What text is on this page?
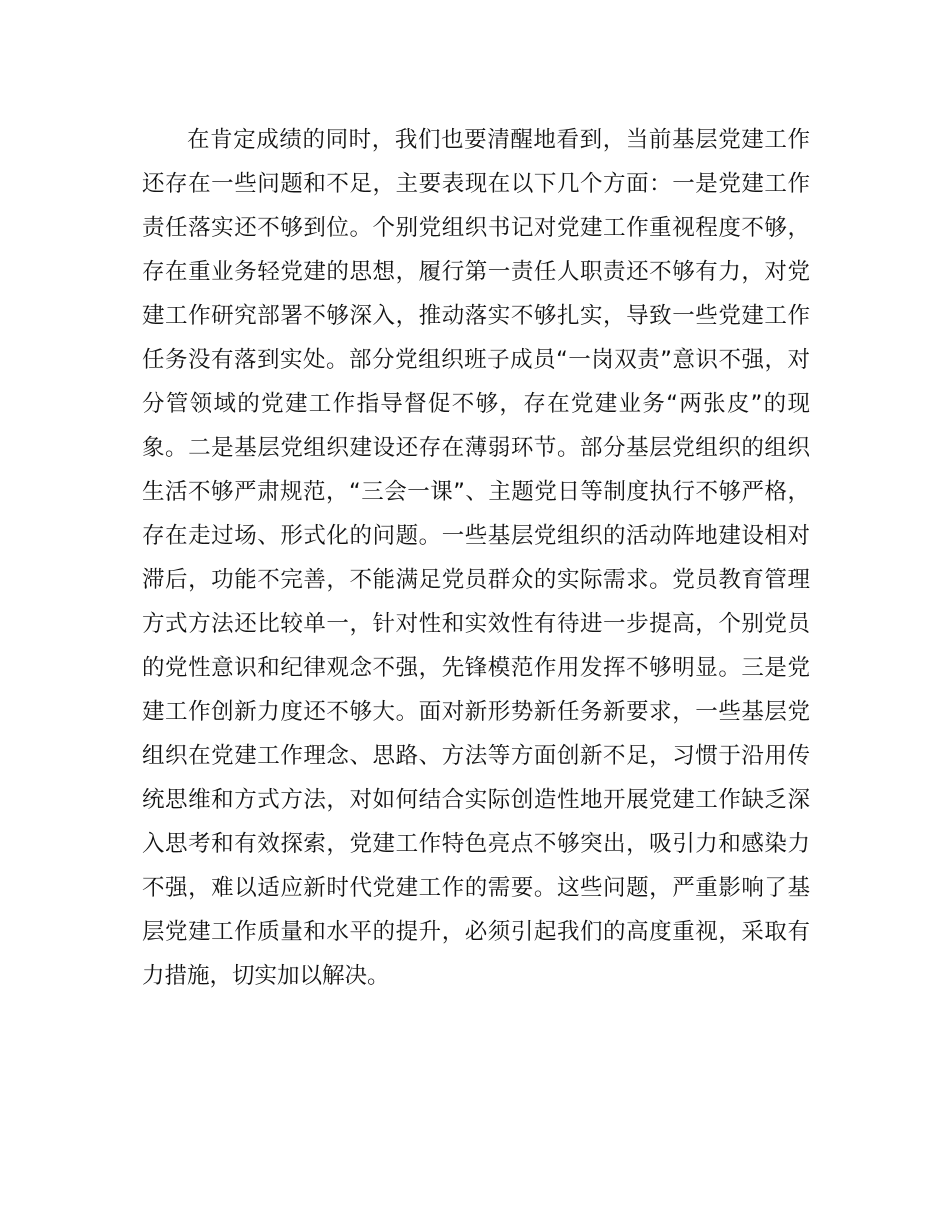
在肯定成绩的同时，我们也要清醒地看到，当前基层党建工作还存在一些问题和不足，主要表现在以下几个方面：一是党建工作责任落实还不够到位。个别党组织书记对党建工作重视程度不够，存在重业务轻党建的思想，履行第一责任人职责还不够有力，对党建工作研究部署不够深入，推动落实不够扎实，导致一些党建工作任务没有落到实处。部分党组织班子成员“一岗双责”意识不强，对分管领域的党建工作指导督促不够，存在党建业务“两张皮”的现象。二是基层党组织建设还存在薄弱环节。部分基层党组织的组织生活不够严肃规范，“三会一课”、主题党日等制度执行不够严格，存在走过场、形式化的问题。一些基层党组织的活动阵地建设相对滞后，功能不完善，不能满足党员群众的实际需求。党员教育管理方式方法还比较单一，针对性和实效性有待进一步提高，个别党员的党性意识和纪律观念不强，先锋模范作用发挥不够明显。三是党建工作创新力度还不够大。面对新形势新任务新要求，一些基层党组织在党建工作理念、思路、方法等方面创新不足，习惯于沿用传统思维和方式方法，对如何结合实际创造性地开展党建工作缺乏深入思考和有效探索，党建工作特色亮点不够突出，吸引力和感染力不强，难以适应新时代党建工作的需要。这些问题，严重影响了基层党建工作质量和水平的提升，必须引起我们的高度重视，采取有力措施，切实加以解决。
